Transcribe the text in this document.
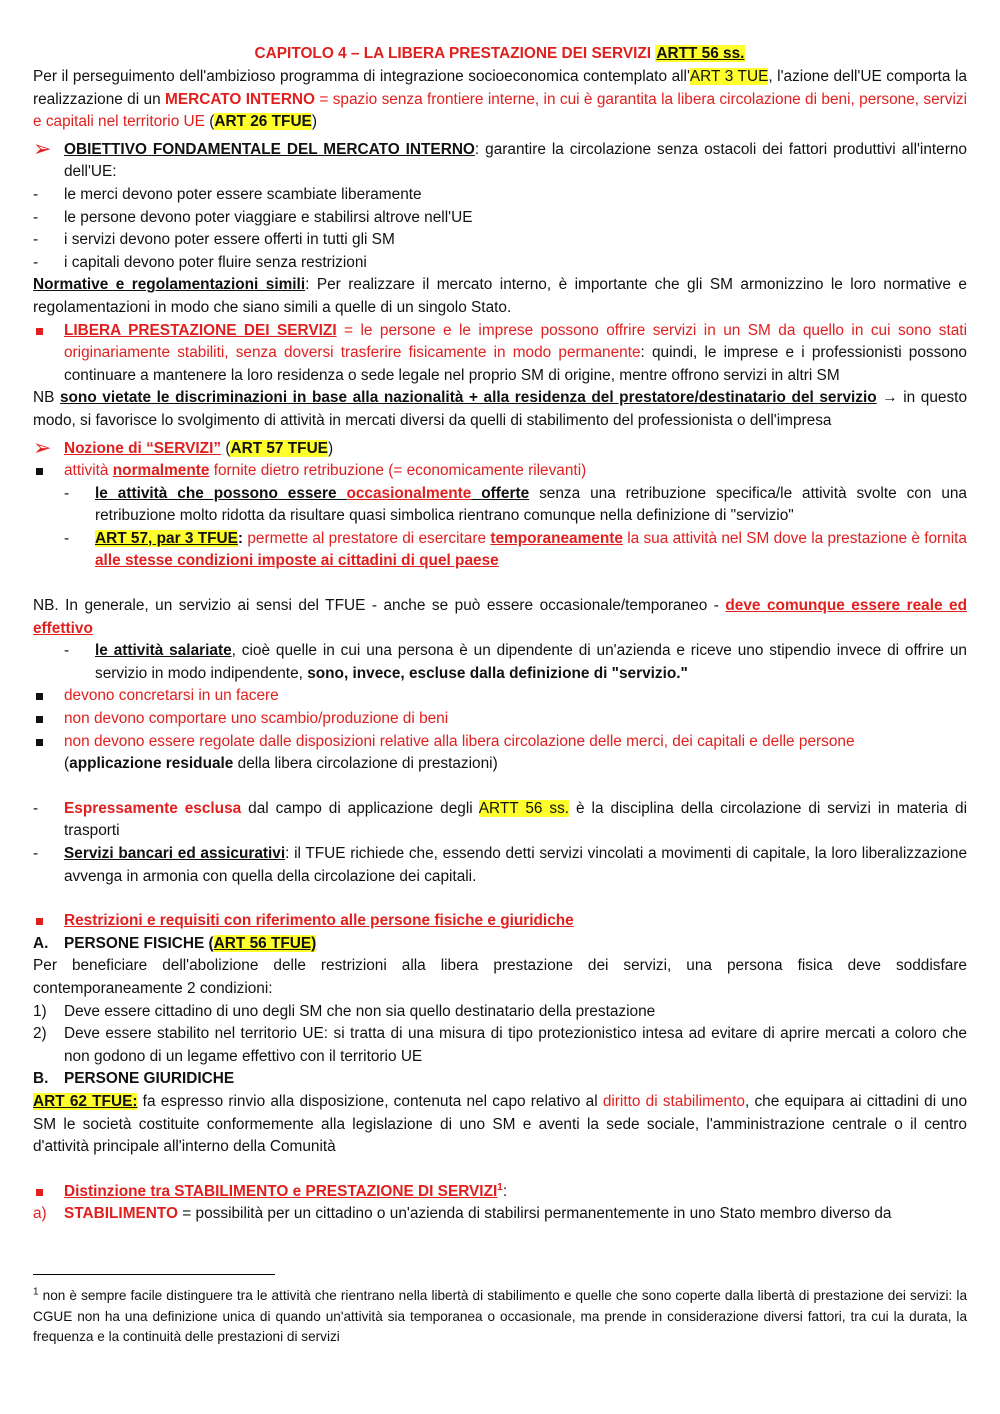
CAPITOLO 4 – LA LIBERA PRESTAZIONE DEI SERVIZI ARTT 56 ss.

Per il perseguimento dell'ambizioso programma di integrazione socioeconomica contemplato all'ART 3 TUE, l'azione dell'UE comporta la realizzazione di un MERCATO INTERNO = spazio senza frontiere interne, in cui è garantita la libera circolazione di beni, persone, servizi e capitali nel territorio UE (ART 26 TFUE)

➢ OBIETTIVO FONDAMENTALE DEL MERCATO INTERNO: garantire la circolazione senza ostacoli dei fattori produttivi all'interno dell'UE:
-	le merci devono poter essere scambiate liberamente
-	le persone devono poter viaggiare e stabilirsi altrove nell'UE
-	i servizi devono poter essere offerti in tutti gli SM
-	i capitali devono poter fluire senza restrizioni

Normative e regolamentazioni simili: Per realizzare il mercato interno, è importante che gli SM armonizzino le loro normative e regolamentazioni in modo che siano simili a quelle di un singolo Stato.

LIBERA PRESTAZIONE DEI SERVIZI = le persone e le imprese possono offrire servizi in un SM da quello in cui sono stati originariamente stabiliti, senza doversi trasferire fisicamente in modo permanente: quindi, le imprese e i professionisti possono continuare a mantenere la loro residenza o sede legale nel proprio SM di origine, mentre offrono servizi in altri SM

NB sono vietate le discriminazioni in base alla nazionalità + alla residenza del prestatore/destinatario del servizio → in questo modo, si favorisce lo svolgimento di attività in mercati diversi da quelli di stabilimento del professionista o dell'impresa

➢ Nozione di “SERVIZI” (ART 57 TFUE)
attività normalmente fornite dietro retribuzione (= economicamente rilevanti)
-	le attività che possono essere occasionalmente offerte senza una retribuzione specifica/le attività svolte con una retribuzione molto ridotta da risultare quasi simbolica rientrano comunque nella definizione di "servizio"
-	ART 57, par 3 TFUE: permette al prestatore di esercitare temporaneamente la sua attività nel SM dove la prestazione è fornita alle stesse condizioni imposte ai cittadini di quel paese

NB. In generale, un servizio ai sensi del TFUE - anche se può essere occasionale/temporaneo - deve comunque essere reale ed effettivo

-	le attività salariate, cioè quelle in cui una persona è un dipendente di un'azienda e riceve uno stipendio invece di offrire un servizio in modo indipendente, sono, invece, escluse dalla definizione di "servizio."
devono concretarsi in un facere
non devono comportare uno scambio/produzione di beni
non devono essere regolate dalle disposizioni relative alla libera circolazione delle merci, dei capitali e delle persone
(applicazione residuale della libera circolazione di prestazioni)
-	Espressamente esclusa dal campo di applicazione degli ARTT 56 ss. è la disciplina della circolazione di servizi in materia di trasporti
-	Servizi bancari ed assicurativi: il TFUE richiede che, essendo detti servizi vincolati a movimenti di capitale, la loro liberalizzazione avvenga in armonia con quella della circolazione dei capitali.
Restrizioni e requisiti con riferimento alle persone fisiche e giuridiche
A.	PERSONE FISICHE (ART 56 TFUE)

Per beneficiare dell'abolizione delle restrizioni alla libera prestazione dei servizi, una persona fisica deve soddisfare contemporaneamente 2 condizioni:

1)	Deve essere cittadino di uno degli SM che non sia quello destinatario della prestazione
2)	Deve essere stabilito nel territorio UE: si tratta di una misura di tipo protezionistico intesa ad evitare di aprire mercati a coloro che non godono di un legame effettivo con il territorio UE
B.	PERSONE GIURIDICHE

ART 62 TFUE: fa espresso rinvio alla disposizione, contenuta nel capo relativo al diritto di stabilimento, che equipara ai cittadini di uno SM le società costituite conformemente alla legislazione di uno SM e aventi la sede sociale, l'amministrazione centrale o il centro d'attività principale all'interno della Comunità

Distinzione tra STABILIMENTO e PRESTAZIONE DI SERVIZI$^1$:
a)	STABILIMENTO = possibilità per un cittadino o un'azienda di stabilirsi permanentemente in uno Stato membro diverso da
$^1$ non è sempre facile distinguere tra le attività che rientrano nella libertà di stabilimento e quelle che sono coperte dalla libertà di prestazione dei servizi: la CGUE non ha una definizione unica di quando un'attività sia temporanea o occasionale, ma prende in considerazione diversi fattori, tra cui la durata, la frequenza e la continuità delle prestazioni di servizi
